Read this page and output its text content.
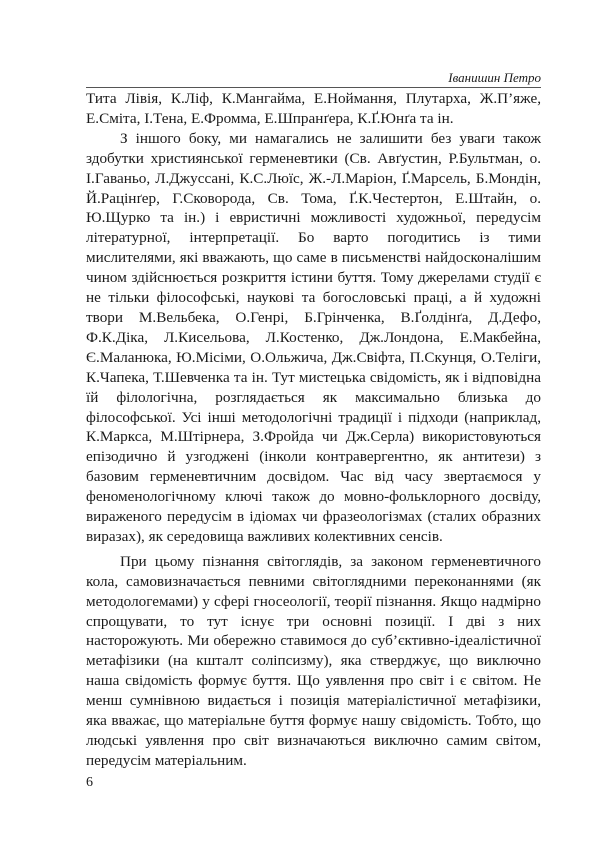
Іванишин Петро

Тита Лівія, К.Ліф, К.Мангайма, Е.Ноймання, Плутарха, Ж.П’яже, Е.Сміта, І.Тена, Е.Фромма, Е.Шпранґера, К.Ґ.Юнґа та ін.

З іншого боку, ми намагались не залишити без уваги також здобутки християнської герменевтики (Св. Авґустин, Р.Бультман, о. І.Гаваньо, Л.Джуссані, К.С.Люїс, Ж.-Л.Маріон, Ґ.Марсель, Б.Мондін, Й.Рацінґер, Г.Сковорода, Св. Тома, Ґ.К.Честертон, Е.Штайн, о. Ю.Щурко та ін.) і евристичні можливості художньої, передусім літературної, інтерпретації. Бо варто погодитись із тими мислителями, які вважають, що саме в письменстві найдосконалішим чином здійснюється розкриття істини буття. Тому джерелами студії є не тільки філософські, наукові та богословські праці, а й художні твори М.Вельбека, О.Генрі, Б.Грінченка, В.Ґолдінґа, Д.Дефо, Ф.К.Діка, Л.Кисельова, Л.Костенко, Дж.Лондона, Е.Макбейна, Є.Маланюка, Ю.Місіми, О.Ольжича, Дж.Свіфта, П.Скунця, О.Теліги, К.Чапека, Т.Шевченка та ін. Тут мистецька свідомість, як і відповідна їй філологічна, розглядається як максимально близька до філософської. Усі інші методологічні традиції і підходи (наприклад, К.Маркса, М.Штірнера, З.Фройда чи Дж.Серла) використовуються епізодично й узгоджені (інколи контравергентно, як антитези) з базовим герменевтичним досвідом. Час від часу звертаємося у феноменологічному ключі також до мовно-фольклорного досвіду, вираженого передусім в ідіомах чи фразеологізмах (сталих образних виразах), як середовища важливих колективних сенсів.

При цьому пізнання світоглядів, за законом герменевтичного кола, самовизначається певними світоглядними переконаннями (як методологемами) у сфері гносеології, теорії пізнання. Якщо надмірно спрощувати, то тут існує три основні позиції. І дві з них насторожують. Ми обережно ставимося до суб’єктивно-ідеалістичної метафізики (на кшталт соліпсизму), яка стверджує, що виключно наша свідомість формує буття. Що уявлення про світ і є світом. Не менш сумнівною видається і позиція матеріалістичної метафізики, яка вважає, що матеріальне буття формує нашу свідомість. Тобто, що людські уявлення про світ визначаються виключно самим світом, передусім матеріальним.

6
